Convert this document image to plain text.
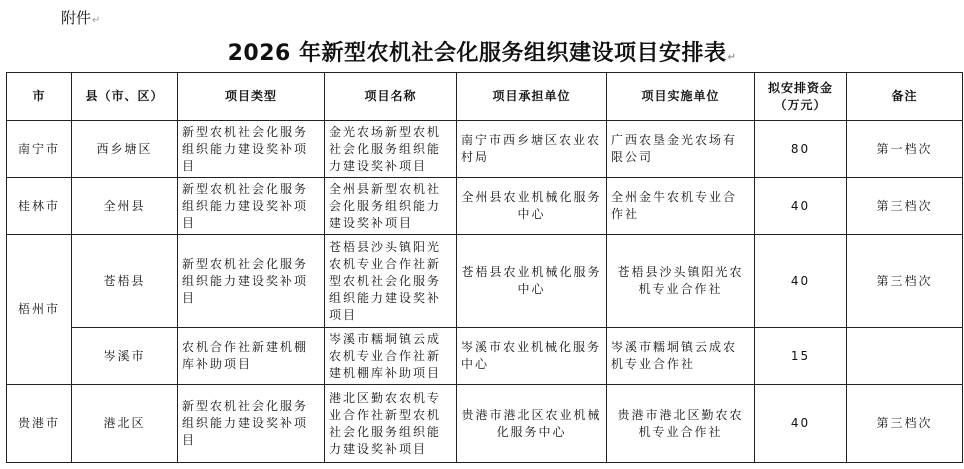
附件↵
2026 年新型农机社会化服务组织建设项目安排表↵
市	县（市、区）	项目类型	项目名称	项目承担单位	项目实施单位	拟安排资金（万元）	备注
南宁市	西乡塘区	新型农机社会化服务组织能力建设奖补项目	金光农场新型农机社会化服务组织能力建设奖补项目	南宁市西乡塘区农业农村局	广西农垦金光农场有限公司	80	第一档次
桂林市	全州县	新型农机社会化服务组织能力建设奖补项目	全州县新型农机社会化服务组织能力建设奖补项目	全州县农业机械化服务中心	全州金牛农机专业合作社	40	第三档次
梧州市	苍梧县	新型农机社会化服务组织能力建设奖补项目	苍梧县沙头镇阳光农机专业合作社新型农机社会化服务组织能力建设奖补项目	苍梧县农业机械化服务中心	苍梧县沙头镇阳光农机专业合作社	40	第三档次
	岑溪市	农机合作社新建机棚库补助项目	岑溪市糯垌镇云成农机专业合作社新建机棚库补助项目	岑溪市农业机械化服务中心	岑溪市糯垌镇云成农机专业合作社	15	
贵港市	港北区	新型农机社会化服务组织能力建设奖补项目	港北区勤农农机专业合作社新型农机社会化服务组织能力建设奖补项目	贵港市港北区农业机械化服务中心	贵港市港北区勤农农机专业合作社	40	第三档次
